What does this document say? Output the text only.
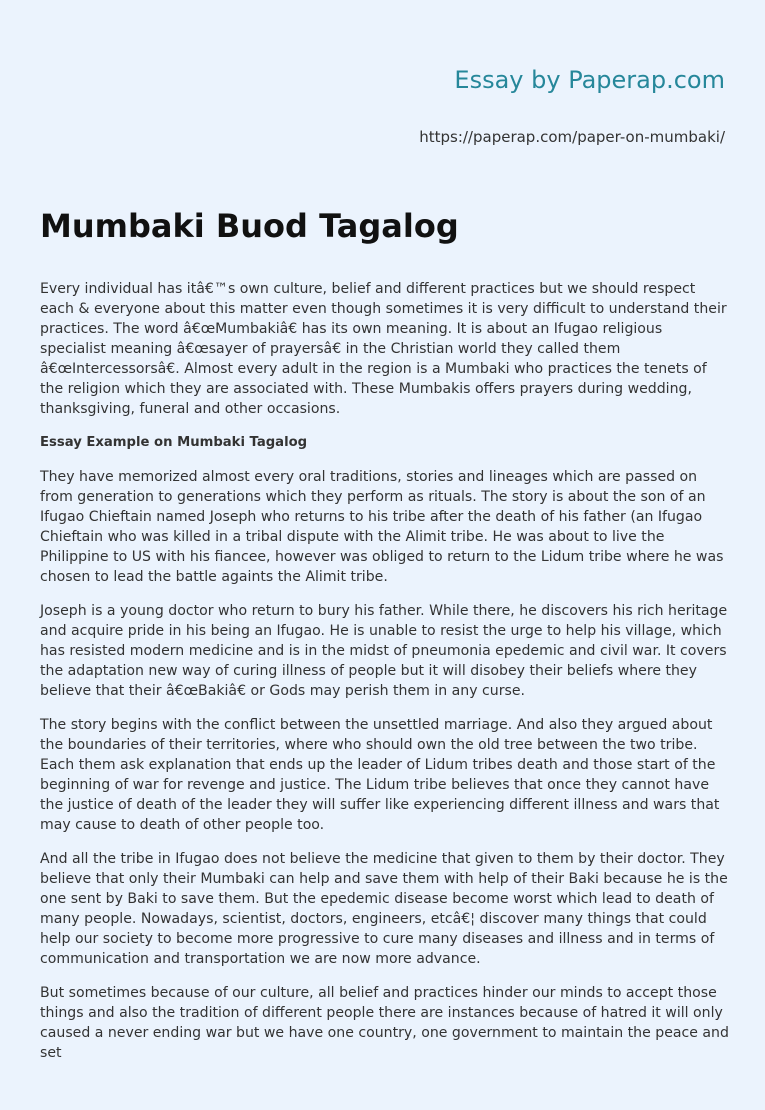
Essay by Paperap.com
https://paperap.com/paper-on-mumbaki/
Mumbaki Buod Tagalog

Every individual has itâ€™s own culture, belief and different practices but we should respect each & everyone about this matter even though sometimes it is very difficult to understand their practices. The word â€œMumbakiâ€ has its own meaning. It is about an Ifugao religious specialist meaning â€œsayer of prayersâ€ in the Christian world they called them â€œIntercessorsâ€. Almost every adult in the region is a Mumbaki who practices the tenets of the religion which they are associated with. These Mumbakis offers prayers during wedding, thanksgiving, funeral and other occasions.

Essay Example on Mumbaki Tagalog

They have memorized almost every oral traditions, stories and lineages which are passed on from generation to generations which they perform as rituals. The story is about the son of an Ifugao Chieftain named Joseph who returns to his tribe after the death of his father (an Ifugao Chieftain who was killed in a tribal dispute with the Alimit tribe. He was about to live the Philippine to US with his fiancee, however was obliged to return to the Lidum tribe where he was chosen to lead the battle againts the Alimit tribe.

Joseph is a young doctor who return to bury his father. While there, he discovers his rich heritage and acquire pride in his being an Ifugao. He is unable to resist the urge to help his village, which has resisted modern medicine and is in the midst of pneumonia epedemic and civil war. It covers the adaptation new way of curing illness of people but it will disobey their beliefs where they believe that their â€œBakiâ€ or Gods may perish them in any curse.

The story begins with the conflict between the unsettled marriage. And also they argued about the boundaries of their territories, where who should own the old tree between the two tribe. Each them ask explanation that ends up the leader of Lidum tribes death and those start of the beginning of war for revenge and justice. The Lidum tribe believes that once they cannot have the justice of death of the leader they will suffer like experiencing different illness and wars that may cause to death of other people too.

And all the tribe in Ifugao does not believe the medicine that given to them by their doctor. They believe that only their Mumbaki can help and save them with help of their Baki because he is the one sent by Baki to save them. But the epedemic disease become worst which lead to death of many people. Nowadays, scientist, doctors, engineers, etcâ€¦ discover many things that could help our society to become more progressive to cure many diseases and illness and in terms of communication and transportation we are now more advance.

But sometimes because of our culture, all belief and practices hinder our minds to accept those things and also the tradition of different people there are instances because of hatred it will only caused a never ending war but we have one country, one government to maintain the peace and set
